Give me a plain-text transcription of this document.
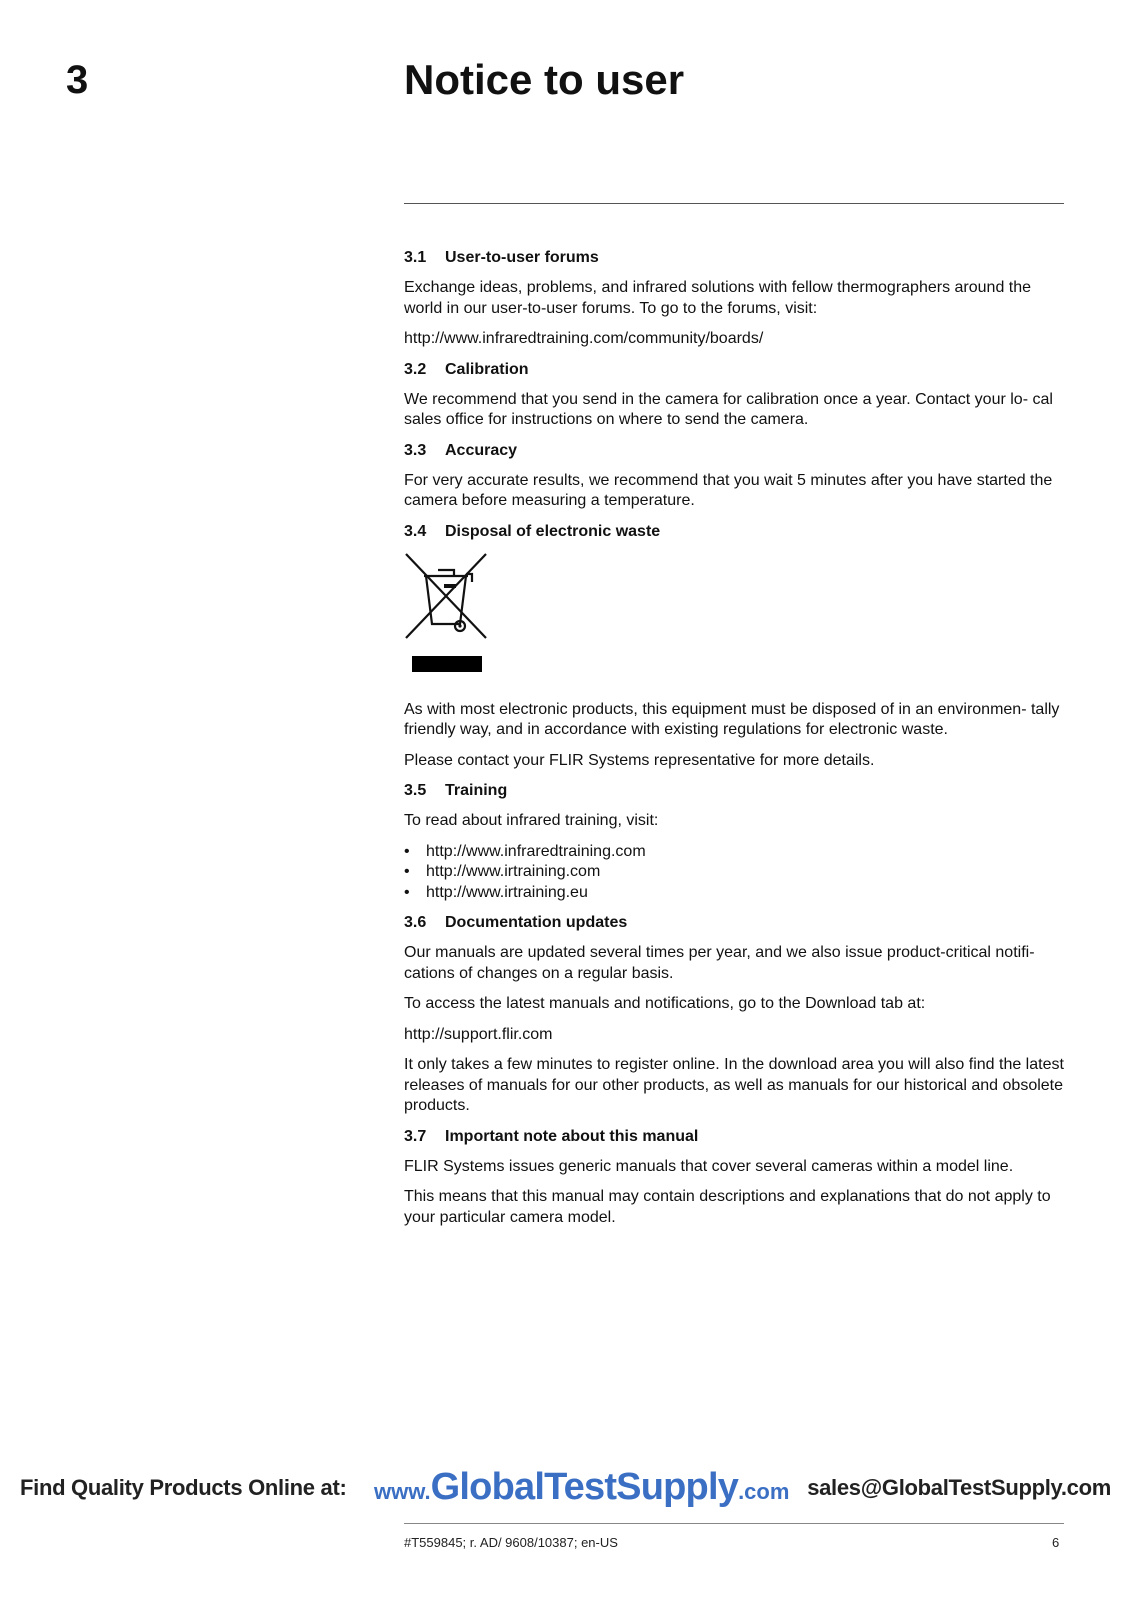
3	Notice to user
3.1 User-to-user forums

Exchange ideas, problems, and infrared solutions with fellow thermographers around the world in our user-to-user forums. To go to the forums, visit:

http://www.infraredtraining.com/community/boards/

3.2 Calibration

We recommend that you send in the camera for calibration once a year. Contact your lo- cal sales office for instructions on where to send the camera.

3.3 Accuracy

For very accurate results, we recommend that you wait 5 minutes after you have started the camera before measuring a temperature.

3.4 Disposal of electronic waste

As with most electronic products, this equipment must be disposed of in an environmen- tally friendly way, and in accordance with existing regulations for electronic waste.

Please contact your FLIR Systems representative for more details.

3.5 Training

To read about infrared training, visit:

• http://www.infraredtraining.com
• http://www.irtraining.com
• http://www.irtraining.eu
3.6 Documentation updates

Our manuals are updated several times per year, and we also issue product-critical notifi- cations of changes on a regular basis.

To access the latest manuals and notifications, go to the Download tab at:

http://support.flir.com

It only takes a few minutes to register online. In the download area you will also find the latest releases of manuals for our other products, as well as manuals for our historical and obsolete products.

3.7 Important note about this manual

FLIR Systems issues generic manuals that cover several cameras within a model line.

This means that this manual may contain descriptions and explanations that do not apply to your particular camera model.

Find Quality Products Online at: www.GlobalTestSupply.com sales@GlobalTestSupply.com
#T559845; r. AD/ 9608/10387; en-US	6
